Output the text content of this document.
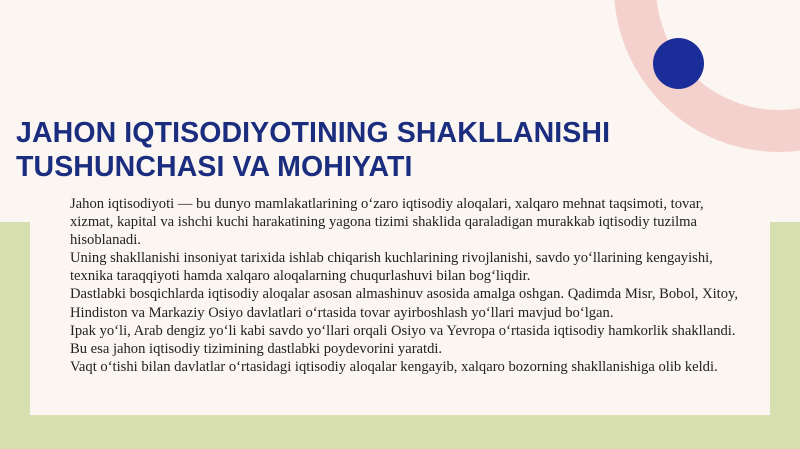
JAHON IQTISODIYOTINING SHAKLLANISHI
TUSHUNCHASI VA MOHIYATI

Jahon iqtisodiyoti — bu dunyo mamlakatlarining oʻzaro iqtisodiy aloqalari, xalqaro mehnat taqsimoti, tovar, xizmat, kapital va ishchi kuchi harakatining yagona tizimi shaklida qaraladigan murakkab iqtisodiy tuzilma hisoblanadi.

Uning shakllanishi insoniyat tarixida ishlab chiqarish kuchlarining rivojlanishi, savdo yoʻllarining kengayishi, texnika taraqqiyoti hamda xalqaro aloqalarning chuqurlashuvi bilan bogʻliqdir.

Dastlabki bosqichlarda iqtisodiy aloqalar asosan almashinuv asosida amalga oshgan. Qadimda Misr, Bobol, Xitoy, Hindiston va Markaziy Osiyo davlatlari oʻrtasida tovar ayirboshlash yoʻllari mavjud boʻlgan.

Ipak yoʻli, Arab dengiz yoʻli kabi savdo yoʻllari orqali Osiyo va Yevropa oʻrtasida iqtisodiy hamkorlik shakllandi. Bu esa jahon iqtisodiy tizimining dastlabki poydevorini yaratdi.

Vaqt oʻtishi bilan davlatlar oʻrtasidagi iqtisodiy aloqalar kengayib, xalqaro bozorning shakllanishiga olib keldi.
